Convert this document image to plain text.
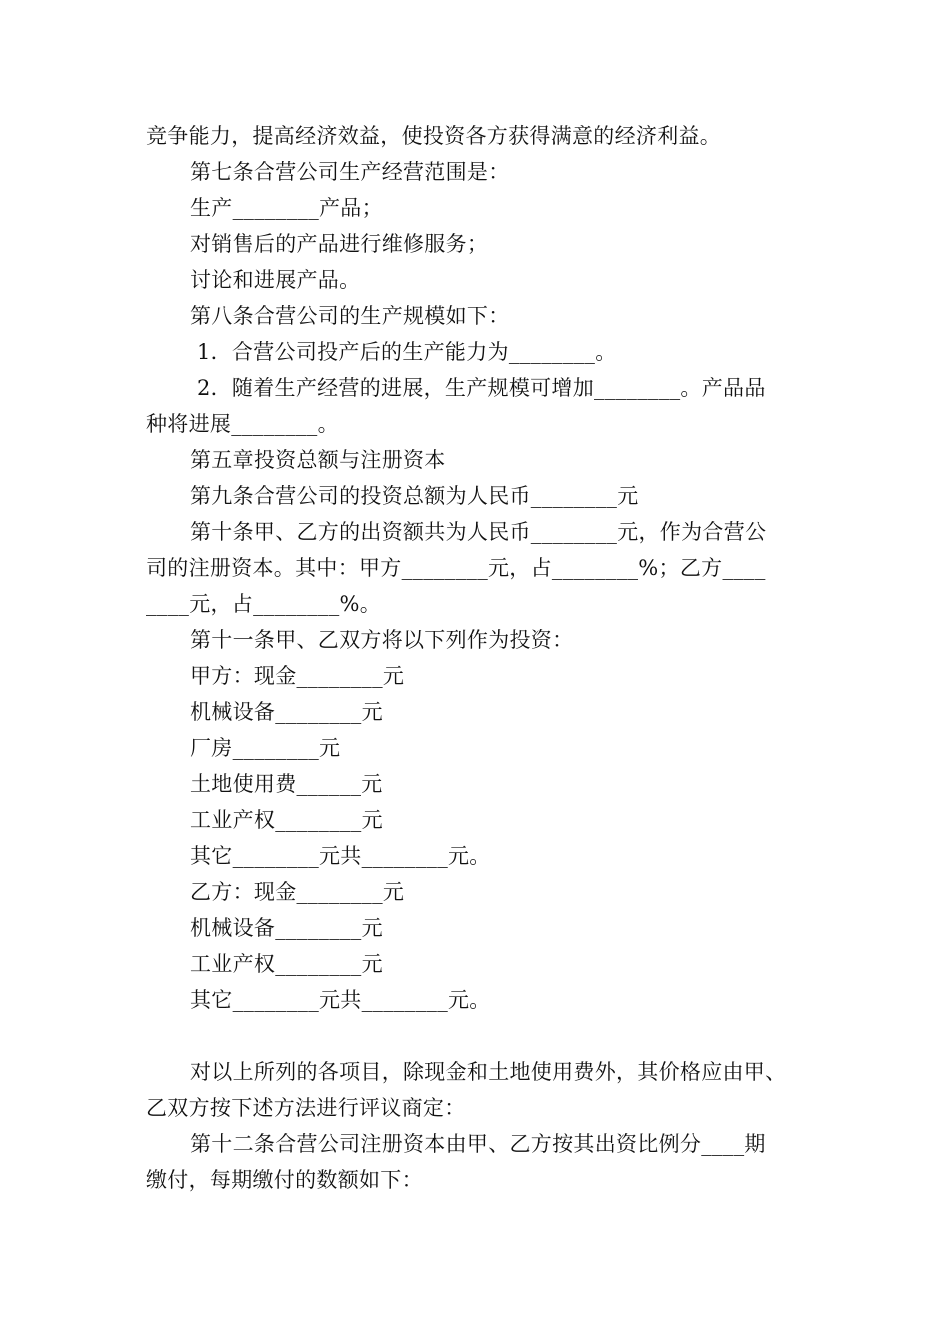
竞争能力，提高经济效益，使投资各方获得满意的经济利益。
第七条合营公司生产经营范围是：
生产________产品；
对销售后的产品进行维修服务；
讨论和进展产品。
第八条合营公司的生产规模如下：
1．合营公司投产后的生产能力为________。
2．随着生产经营的进展，生产规模可增加________。产品品
种将进展________。
第五章投资总额与注册资本
第九条合营公司的投资总额为人民币________元
第十条甲、乙方的出资额共为人民币________元，作为合营公
司的注册资本。其中：甲方________元，占________%；乙方____
____元，占________%。
第十一条甲、乙双方将以下列作为投资：
甲方：现金________元
机械设备________元
厂房________元
土地使用费______元
工业产权________元
其它________元共________元。
乙方：现金________元
机械设备________元
工业产权________元
其它________元共________元。
对以上所列的各项目，除现金和土地使用费外，其价格应由甲、
乙双方按下述方法进行评议商定：
第十二条合营公司注册资本由甲、乙方按其出资比例分____期
缴付，每期缴付的数额如下：
